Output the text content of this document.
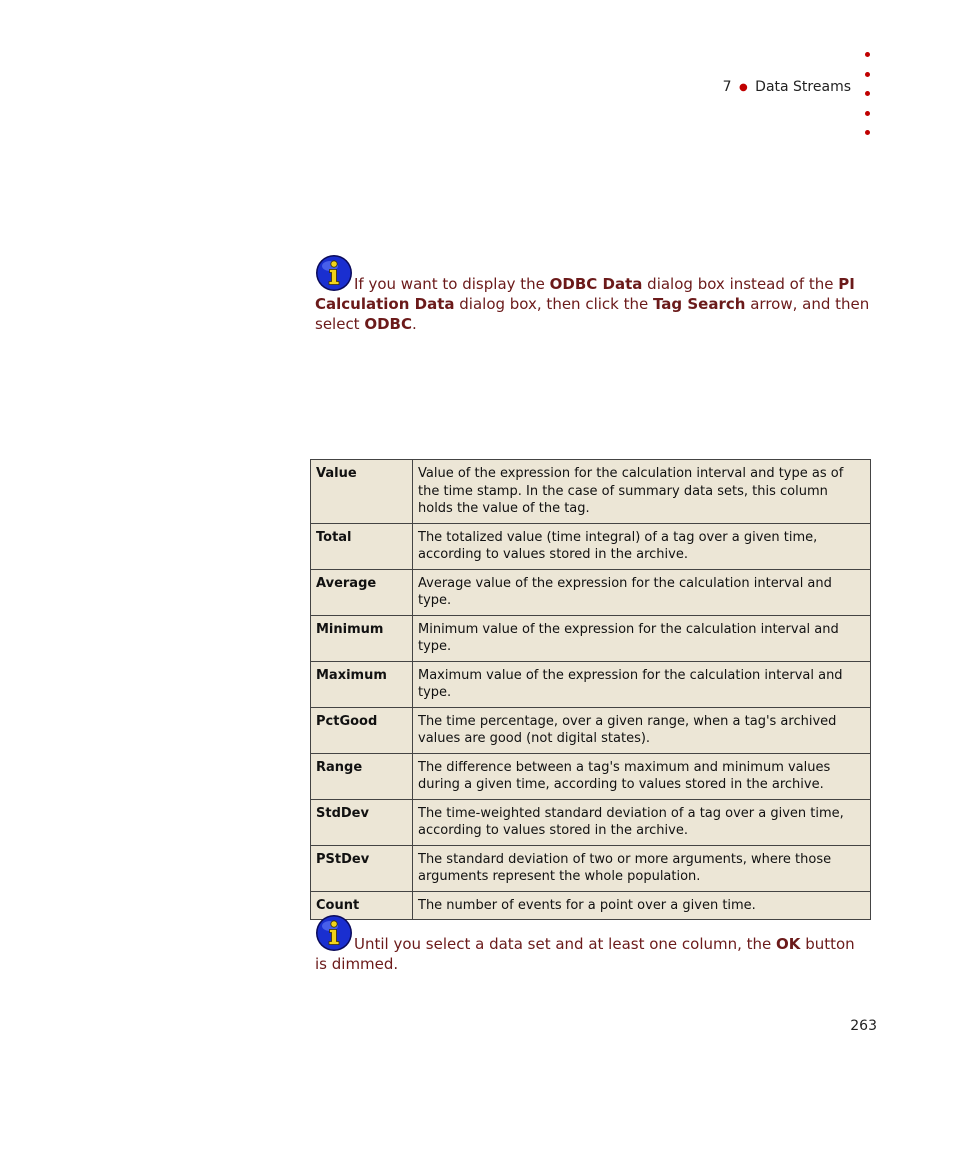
7 ● Data Streams
If you want to display the ODBC Data dialog box instead of the PI Calculation Data dialog box, then click the Tag Search arrow, and then select ODBC.
Value	Value of the expression for the calculation interval and type as of the time stamp. In the case of summary data sets, this column holds the value of the tag.
Total	The totalized value (time integral) of a tag over a given time, according to values stored in the archive.
Average	Average value of the expression for the calculation interval and type.
Minimum	Minimum value of the expression for the calculation interval and type.
Maximum	Maximum value of the expression for the calculation interval and type.
PctGood	The time percentage, over a given range, when a tag's archived values are good (not digital states).
Range	The difference between a tag's maximum and minimum values during a given time, according to values stored in the archive.
StdDev	The time-weighted standard deviation of a tag over a given time, according to values stored in the archive.
PStDev	The standard deviation of two or more arguments, where those arguments represent the whole population.
Count	The number of events for a point over a given time.
Until you select a data set and at least one column, the OK button is dimmed.
263
